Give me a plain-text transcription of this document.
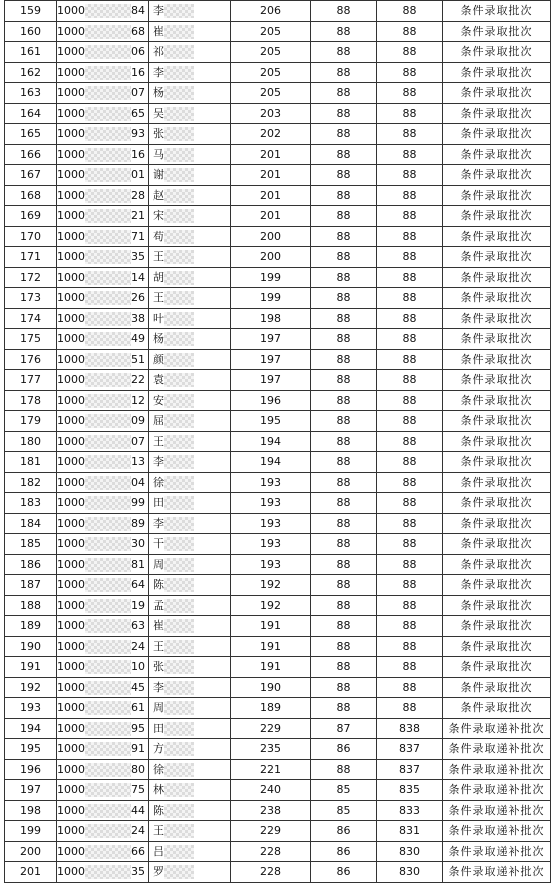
159	1000 84	李	206	88	88	条件录取批次
160	1000 68	崔	205	88	88	条件录取批次
161	1000 06	祁	205	88	88	条件录取批次
162	1000 16	李	205	88	88	条件录取批次
163	1000 07	杨	205	88	88	条件录取批次
164	1000 65	吴	203	88	88	条件录取批次
165	1000 93	张	202	88	88	条件录取批次
166	1000 16	马	201	88	88	条件录取批次
167	1000 01	谢	201	88	88	条件录取批次
168	1000 28	赵	201	88	88	条件录取批次
169	1000 21	宋	201	88	88	条件录取批次
170	1000 71	苟	200	88	88	条件录取批次
171	1000 35	王	200	88	88	条件录取批次
172	1000 14	胡	199	88	88	条件录取批次
173	1000 26	王	199	88	88	条件录取批次
174	1000 38	叶	198	88	88	条件录取批次
175	1000 49	杨	197	88	88	条件录取批次
176	1000 51	颜	197	88	88	条件录取批次
177	1000 22	袁	197	88	88	条件录取批次
178	1000 12	安	196	88	88	条件录取批次
179	1000 09	屈	195	88	88	条件录取批次
180	1000 07	王	194	88	88	条件录取批次
181	1000 13	李	194	88	88	条件录取批次
182	1000 04	徐	193	88	88	条件录取批次
183	1000 99	田	193	88	88	条件录取批次
184	1000 89	李	193	88	88	条件录取批次
185	1000 30	干	193	88	88	条件录取批次
186	1000 81	周	193	88	88	条件录取批次
187	1000 64	陈	192	88	88	条件录取批次
188	1000 19	孟	192	88	88	条件录取批次
189	1000 63	崔	191	88	88	条件录取批次
190	1000 24	王	191	88	88	条件录取批次
191	1000 10	张	191	88	88	条件录取批次
192	1000 45	李	190	88	88	条件录取批次
193	1000 61	周	189	88	88	条件录取批次
194	1000 95	田	229	87	838	条件录取递补批次
195	1000 91	方	235	86	837	条件录取递补批次
196	1000 80	徐	221	88	837	条件录取递补批次
197	1000 75	林	240	85	835	条件录取递补批次
198	1000 44	陈	238	85	833	条件录取递补批次
199	1000 24	王	229	86	831	条件录取递补批次
200	1000 66	吕	228	86	830	条件录取递补批次
201	1000 35	罗	228	86	830	条件录取递补批次
